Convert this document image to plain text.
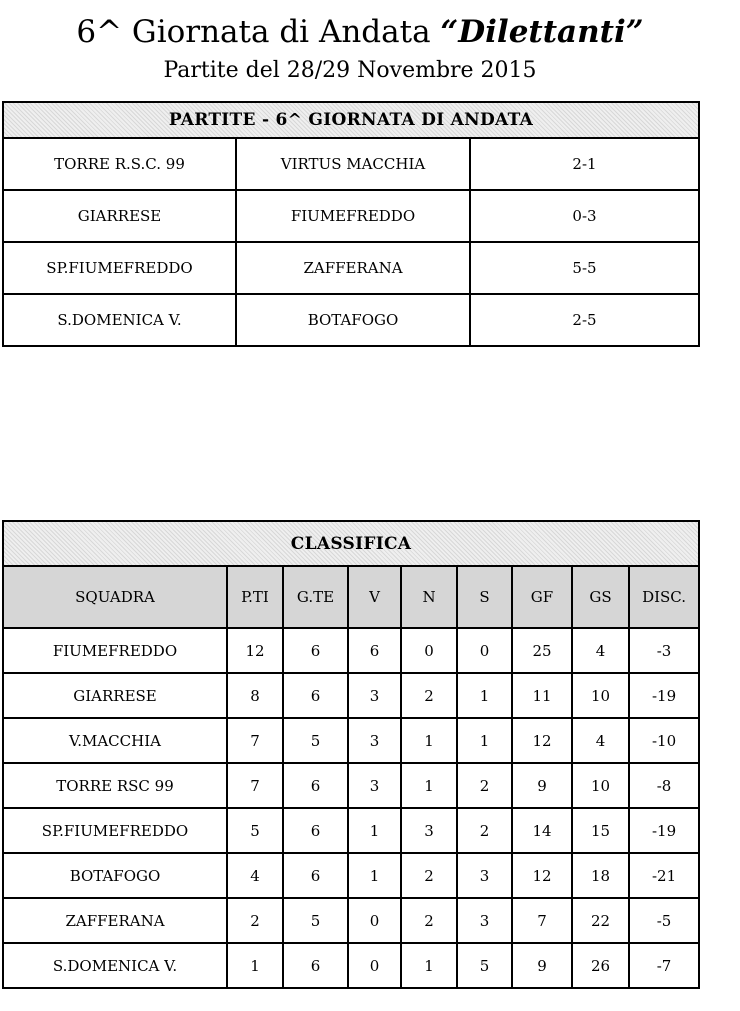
6^ Giornata di Andata “Dilettanti”
Partite del 28/29 Novembre 2015
PARTITE - 6^ GIORNATA DI ANDATA		
TORRE R.S.C. 99	VIRTUS MACCHIA	2-1
GIARRESE	FIUMEFREDDO	0-3
SP.FIUMEFREDDO	ZAFFERANA	5-5
S.DOMENICA V.	BOTAFOGO	2-5
CLASSIFICA								
SQUADRA	P.TI	G.TE	V	N	S	GF	GS	DISC.
FIUMEFREDDO	12	6	6	0	0	25	4	-3
GIARRESE	8	6	3	2	1	11	10	-19
V.MACCHIA	7	5	3	1	1	12	4	-10
TORRE RSC 99	7	6	3	1	2	9	10	-8
SP.FIUMEFREDDO	5	6	1	3	2	14	15	-19
BOTAFOGO	4	6	1	2	3	12	18	-21
ZAFFERANA	2	5	0	2	3	7	22	-5
S.DOMENICA V.	1	6	0	1	5	9	26	-7
